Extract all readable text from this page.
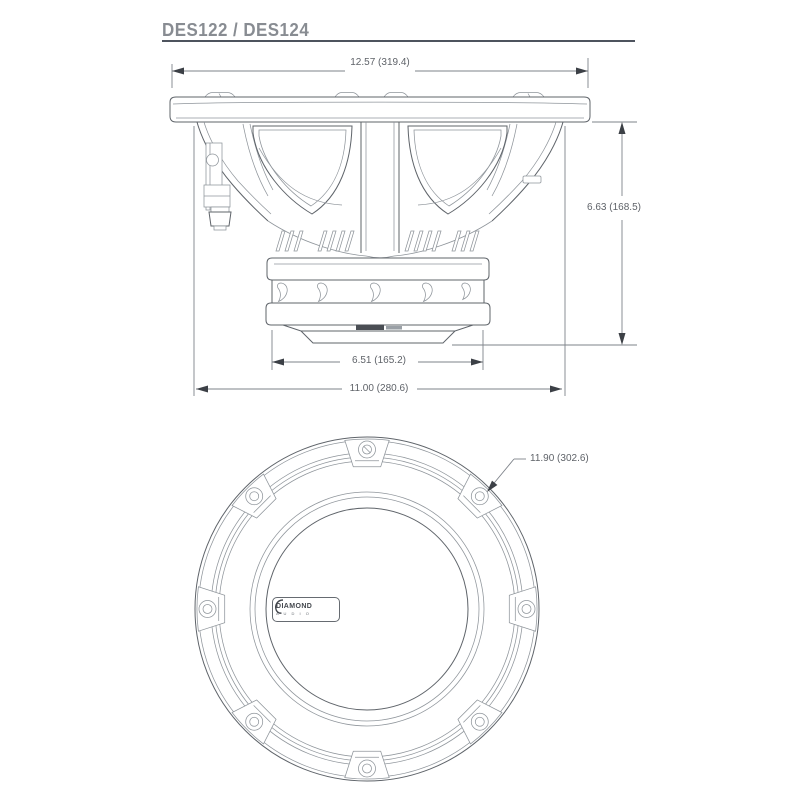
DES122 / DES124
12.57 (319.4)
6.63 (168.5)
6.51 (165.2)
11.00 (280.6)
11.90 (302.6)
DIAMOND
A U D I O
